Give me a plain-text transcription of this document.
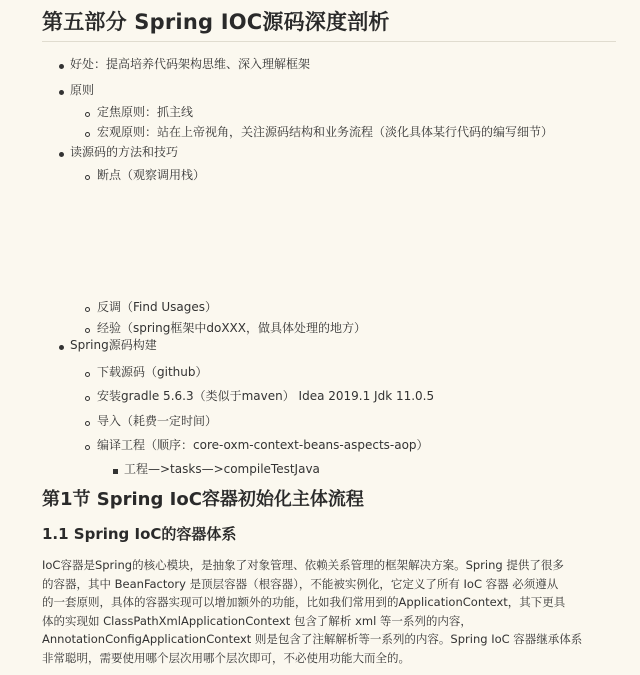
第五部分 Spring IOC源码深度剖析
好处：提高培养代码架构思维、深入理解框架
原则
定焦原则：抓主线
宏观原则：站在上帝视角，关注源码结构和业务流程（淡化具体某行代码的编写细节）
读源码的方法和技巧
断点（观察调用栈）
反调（Find Usages）
经验（spring框架中doXXX，做具体处理的地方）
Spring源码构建
下载源码（github）
安装gradle 5.6.3（类似于maven） Idea 2019.1 Jdk 11.0.5
导入（耗费一定时间）
编译工程（顺序：core-oxm-context-beans-aspects-aop）
工程—>tasks—>compileTestJava
第1节 Spring IoC容器初始化主体流程
1.1 Spring IoC的容器体系
IoC容器是Spring的核心模块，是抽象了对象管理、依赖关系管理的框架解决方案。Spring 提供了很多
的容器，其中 BeanFactory 是顶层容器（根容器），不能被实例化，它定义了所有 IoC 容器 必须遵从
的一套原则，具体的容器实现可以增加额外的功能，比如我们常用到的ApplicationContext，其下更具
体的实现如 ClassPathXmlApplicationContext 包含了解析 xml 等一系列的内容，
AnnotationConfigApplicationContext 则是包含了注解解析等一系列的内容。Spring IoC 容器继承体系
非常聪明，需要使用哪个层次用哪个层次即可，不必使用功能大而全的。
